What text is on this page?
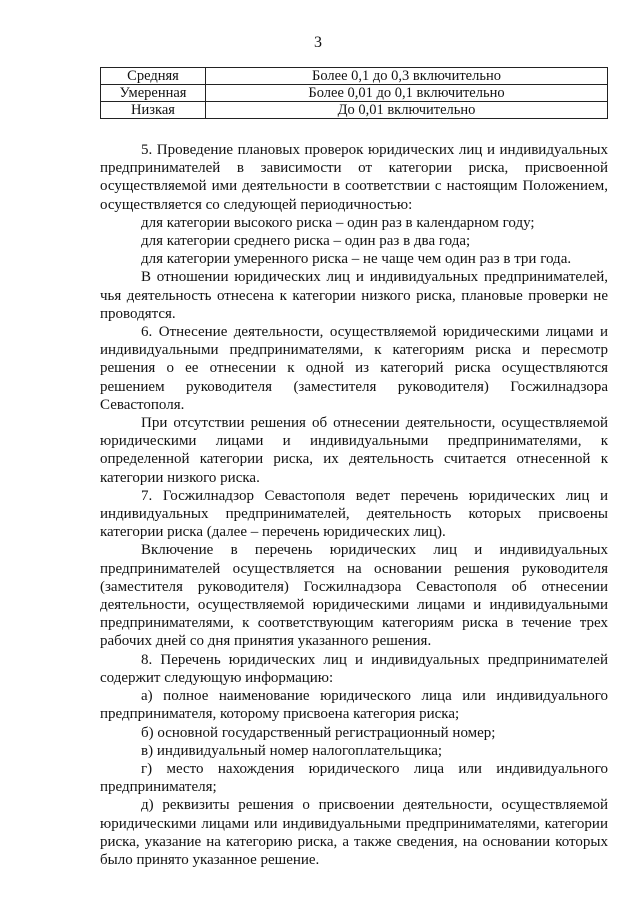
3
Средняя	Более 0,1 до 0,3 включительно
Умеренная	Более 0,01 до 0,1 включительно
Низкая	До 0,01 включительно

5. Проведение плановых проверок юридических лиц и индивидуальных предпринимателей в зависимости от категории риска, присвоенной осуществляемой ими деятельности в соответствии с настоящим Положением, осуществляется со следующей периодичностью:

для категории высокого риска – один раз в календарном году;

для категории среднего риска – один раз в два года;

для категории умеренного риска – не чаще чем один раз в три года.

В отношении юридических лиц и индивидуальных предпринимателей, чья деятельность отнесена к категории низкого риска, плановые проверки не проводятся.

6. Отнесение деятельности, осуществляемой юридическими лицами и индивидуальными предпринимателями, к категориям риска и пересмотр решения о ее отнесении к одной из категорий риска осуществляются решением руководителя (заместителя руководителя) Госжилнадзора Севастополя.

При отсутствии решения об отнесении деятельности, осуществляемой юридическими лицами и индивидуальными предпринимателями, к определенной категории риска, их деятельность считается отнесенной к категории низкого риска.

7. Госжилнадзор Севастополя ведет перечень юридических лиц и индивидуальных предпринимателей, деятельность которых присвоены категории риска (далее – перечень юридических лиц).

Включение в перечень юридических лиц и индивидуальных предпринимателей осуществляется на основании решения руководителя (заместителя руководителя) Госжилнадзора Севастополя об отнесении деятельности, осуществляемой юридическими лицами и индивидуальными предпринимателями, к соответствующим категориям риска в течение трех рабочих дней со дня принятия указанного решения.

8. Перечень юридических лиц и индивидуальных предпринимателей содержит следующую информацию:

а) полное наименование юридического лица или индивидуального предпринимателя, которому присвоена категория риска;

б) основной государственный регистрационный номер;

в) индивидуальный номер налогоплательщика;

г) место нахождения юридического лица или индивидуального предпринимателя;

д) реквизиты решения о присвоении деятельности, осуществляемой юридическими лицами или индивидуальными предпринимателями, категории риска, указание на категорию риска, а также сведения, на основании которых было принято указанное решение.
